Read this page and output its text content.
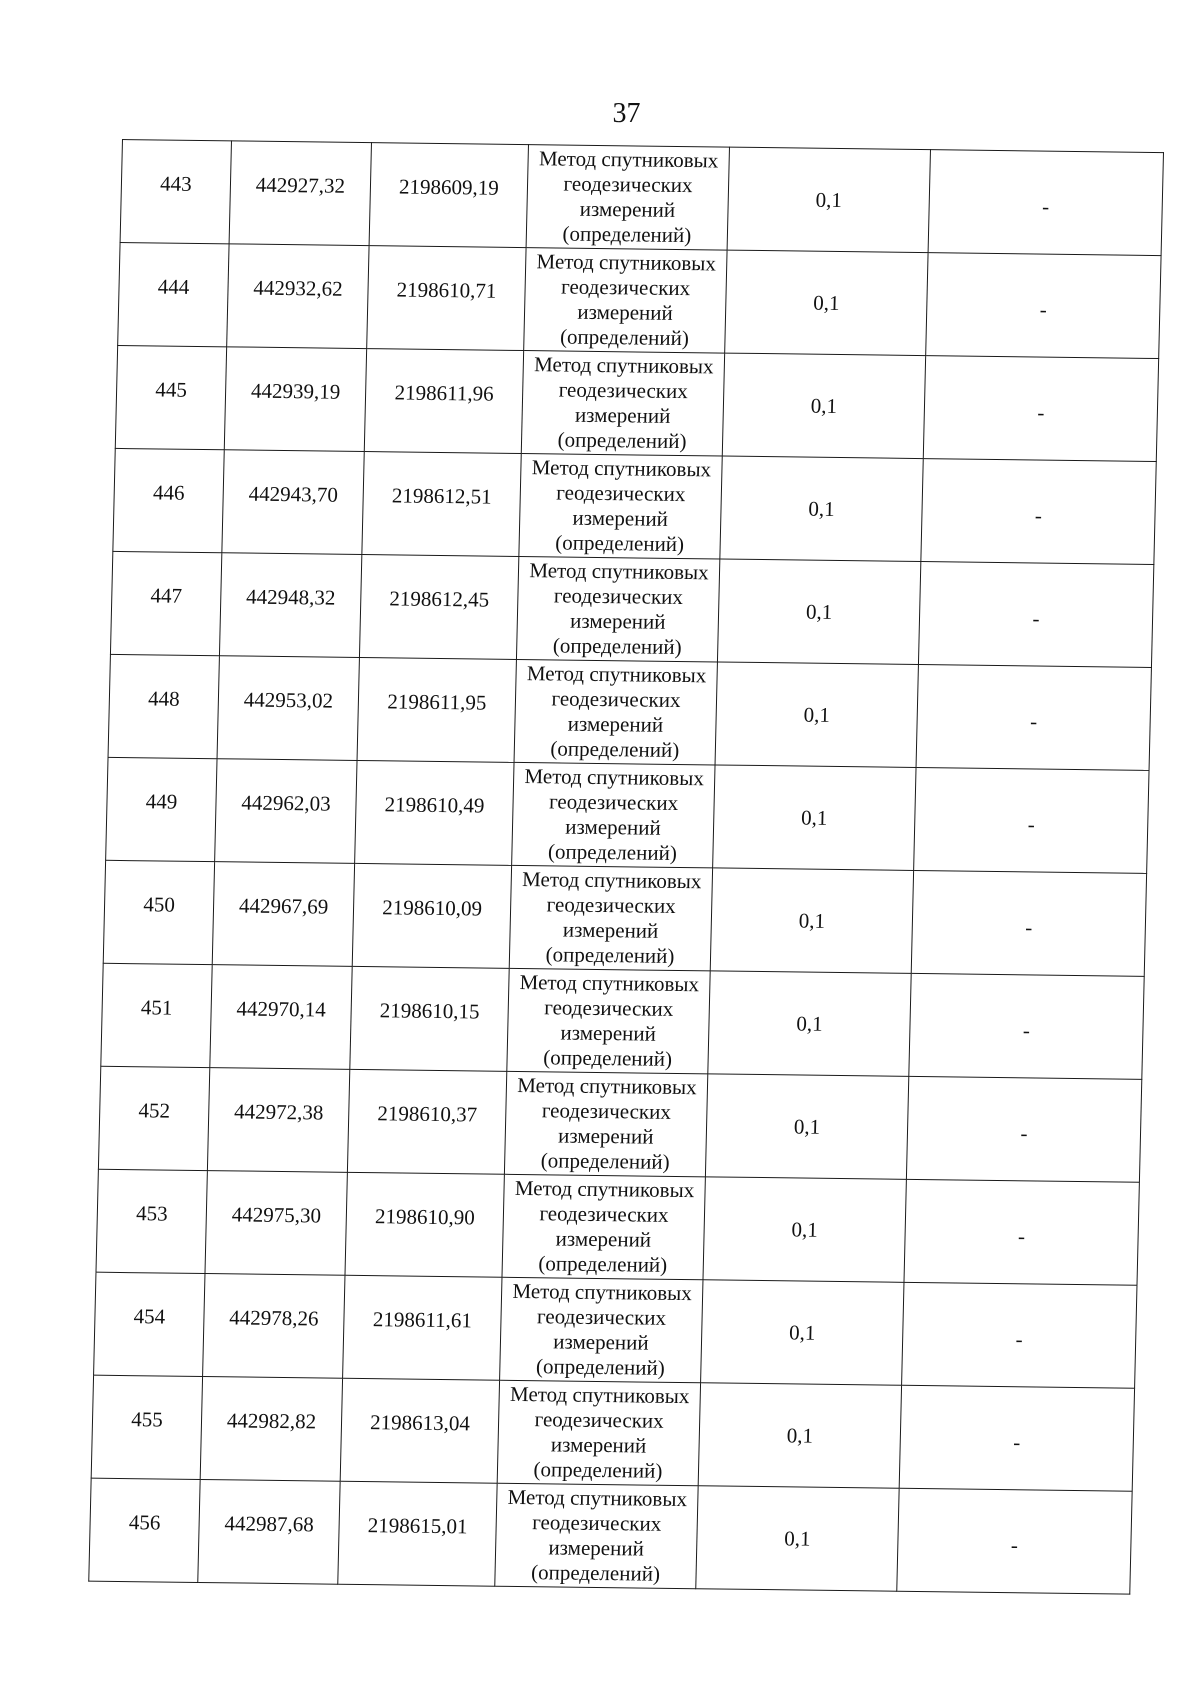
37
443	442927,32	2198609,19	Метод спутниковых
геодезических
измерений
(определений)	0,1	-
444	442932,62	2198610,71	Метод спутниковых
геодезических
измерений
(определений)	0,1	-
445	442939,19	2198611,96	Метод спутниковых
геодезических
измерений
(определений)	0,1	-
446	442943,70	2198612,51	Метод спутниковых
геодезических
измерений
(определений)	0,1	-
447	442948,32	2198612,45	Метод спутниковых
геодезических
измерений
(определений)	0,1	-
448	442953,02	2198611,95	Метод спутниковых
геодезических
измерений
(определений)	0,1	-
449	442962,03	2198610,49	Метод спутниковых
геодезических
измерений
(определений)	0,1	-
450	442967,69	2198610,09	Метод спутниковых
геодезических
измерений
(определений)	0,1	-
451	442970,14	2198610,15	Метод спутниковых
геодезических
измерений
(определений)	0,1	-
452	442972,38	2198610,37	Метод спутниковых
геодезических
измерений
(определений)	0,1	-
453	442975,30	2198610,90	Метод спутниковых
геодезических
измерений
(определений)	0,1	-
454	442978,26	2198611,61	Метод спутниковых
геодезических
измерений
(определений)	0,1	-
455	442982,82	2198613,04	Метод спутниковых
геодезических
измерений
(определений)	0,1	-
456	442987,68	2198615,01	Метод спутниковых
геодезических
измерений
(определений)	0,1	-
